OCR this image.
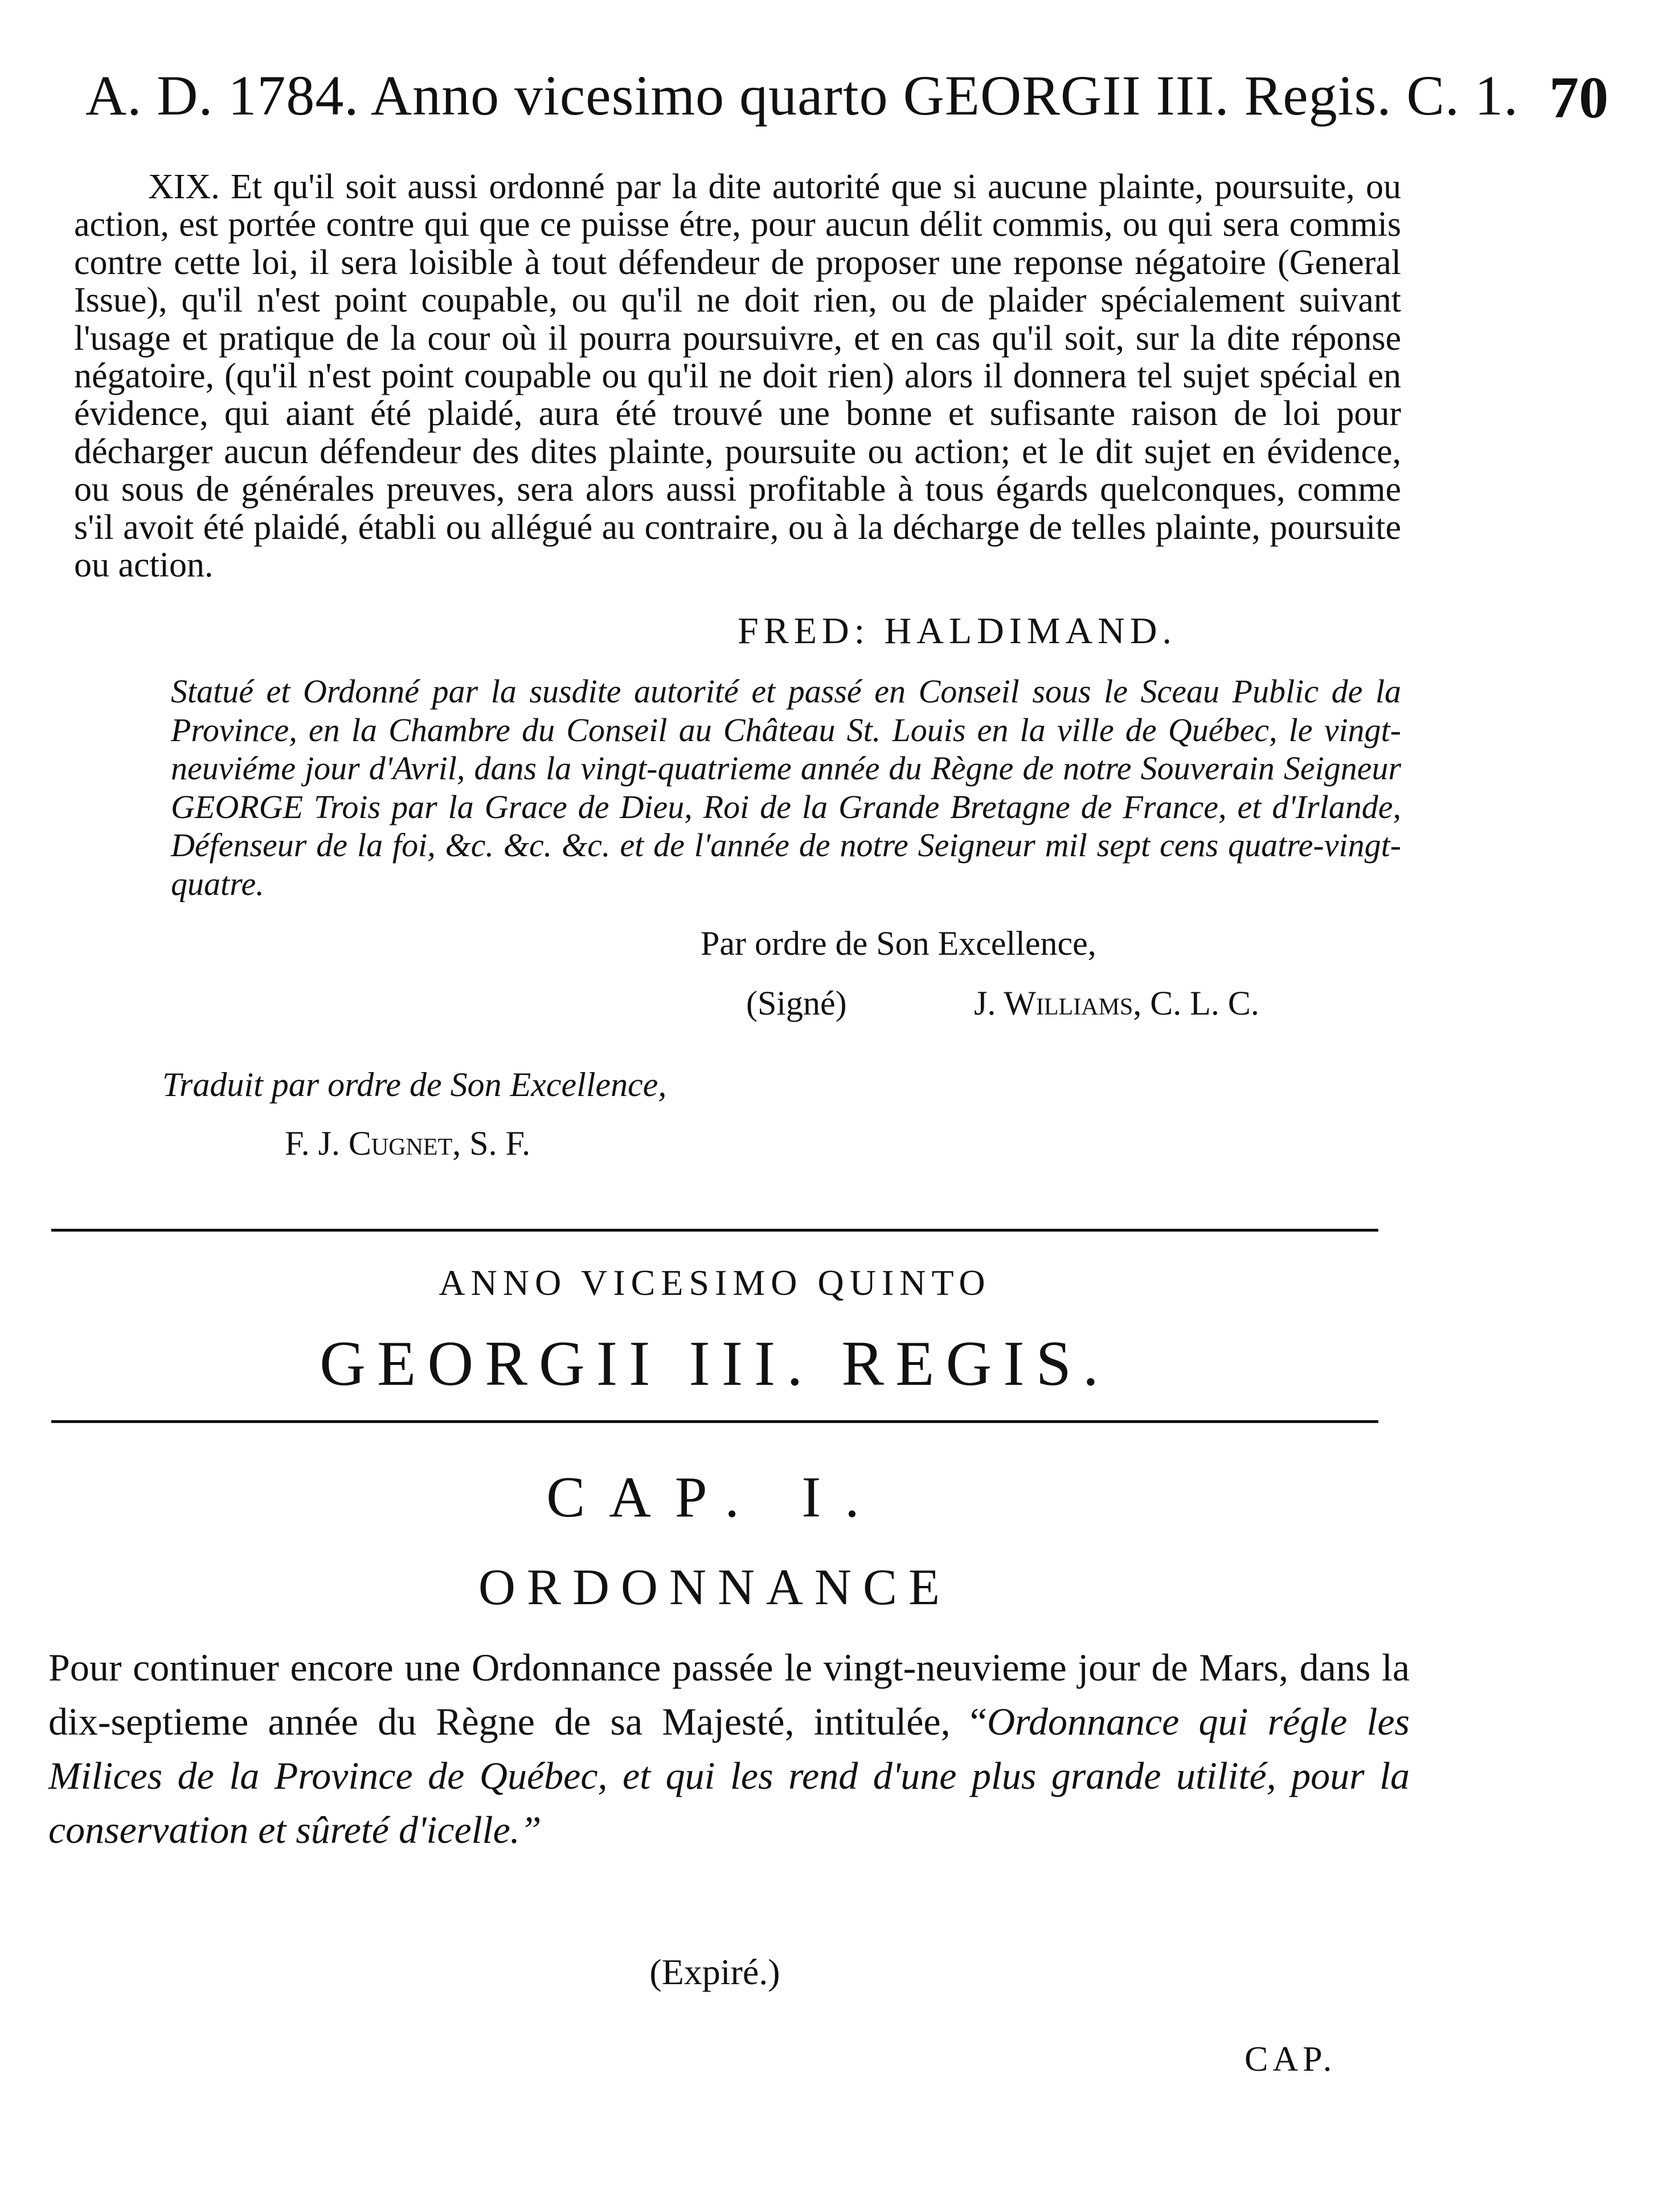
A. D. 1784. Anno vicesimo quarto GEORGII III. Regis. C. 1. 70
XIX. Et qu'il soit aussi ordonné par la dite autorité que si aucune plainte, poursuite, ou action, est portée contre qui que ce puisse étre, pour aucun délit commis, ou qui sera commis contre cette loi, il sera loisible à tout défendeur de proposer une reponse négatoire (General Issue), qu'il n'est point coupable, ou qu'il ne doit rien, ou de plaider spécialement suivant l'usage et pratique de la cour où il pourra poursuivre, et en cas qu'il soit, sur la dite réponse négatoire, (qu'il n'est point coupable ou qu'il ne doit rien) alors il donnera tel sujet spécial en évidence, qui aiant été plaidé, aura été trouvé une bonne et sufisante raison de loi pour décharger aucun défendeur des dites plainte, poursuite ou action; et le dit sujet en évidence, ou sous de générales preuves, sera alors aussi profitable à tous égards quelconques, comme s'il avoit été plaidé, établi ou allégué au contraire, ou à la décharge de telles plainte, poursuite ou action.
FRED: HALDIMAND.
Statué et Ordonné par la susdite autorité et passé en Conseil sous le Sceau Public de la Province, en la Chambre du Conseil au Château St. Louis en la ville de Québec, le vingt-neuviéme jour d'Avril, dans la vingt-quatrieme année du Règne de notre Souverain Seigneur GEORGE Trois par la Grace de Dieu, Roi de la Grande Bretagne de France, et d'Irlande, Défenseur de la foi, &c. &c. &c. et de l'année de notre Seigneur mil sept cens quatre-vingt-quatre.
Par ordre de Son Excellence,
(Signé)	J. Williams, C. L. C.
Traduit par ordre de Son Excellence,
F. J. Cugnet, S. F.
ANNO VICESIMO QUINTO
GEORGII III. REGIS.
CAP. I.
ORDONNANCE
Pour continuer encore une Ordonnance passée le vingt-neuvieme jour de Mars, dans la dix-septieme année du Règne de sa Majesté, intitulée, “Ordonnance qui régle les Milices de la Province de Québec, et qui les rend d'une plus grande utilité, pour la conservation et sûreté d'icelle.”
(Expiré.)
CAP.
